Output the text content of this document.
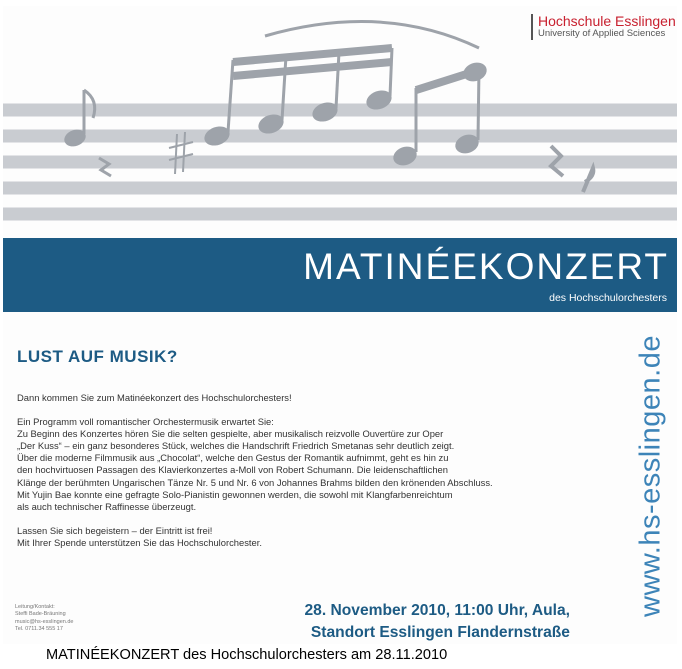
Hochschule Esslingen
University of Applied Sciences
MATINÉEKONZERT
des Hochschulorchesters
LUST AUF MUSIK?

Dann kommen Sie zum Matinéekonzert des Hochschulorchesters!

Ein Programm voll romantischer Orchestermusik erwartet Sie:
Zu Beginn des Konzertes hören Sie die selten gespielte, aber musikalisch reizvolle Ouvertüre zur Oper
„Der Kuss“ – ein ganz besonderes Stück, welches die Handschrift Friedrich Smetanas sehr deutlich zeigt.
Über die moderne Filmmusik aus „Chocolat“, welche den Gestus der Romantik aufnimmt, geht es hin zu
den hochvirtuosen Passagen des Klavierkonzertes a-Moll von Robert Schumann. Die leidenschaftlichen
Klänge der berühmten Ungarischen Tänze Nr. 5 und Nr. 6 von Johannes Brahms bilden den krönenden Abschluss.
Mit Yujin Bae konnte eine gefragte Solo-Pianistin gewonnen werden, die sowohl mit Klangfarbenreichtum
als auch technischer Raffinesse überzeugt.

Lassen Sie sich begeistern – der Eintritt ist frei!
Mit Ihrer Spende unterstützen Sie das Hochschulorchester.

Leitung/Kontakt:
Steffi Bade-Bräuning
music@hs-esslingen.de
Tel. 0711.34 555 17
28. November 2010, 11:00 Uhr, Aula,
Standort Esslingen Flandernstraße
www.hs-esslingen.de
MATINÉEKONZERT des Hochschulorchesters am 28.11.2010
